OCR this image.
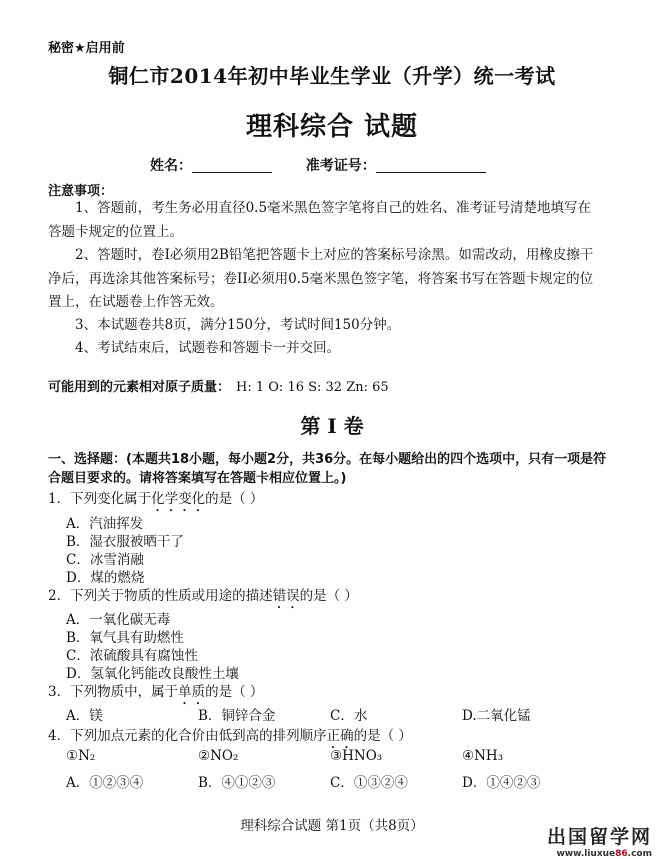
秘密★启用前
铜仁市2014年初中毕业生学业（升学）统一考试
理科综合 试题
姓名：	准考证号：
注意事项：
1、答题前，考生务必用直径0.5毫米黑色签字笔将自己的姓名、准考证号清楚地填写在答题卡规定的位置上。
2、答题时，卷I必须用2B铅笔把答题卡上对应的答案标号涂黑。如需改动，用橡皮擦干净后，再选涂其他答案标号；卷II必须用0.5毫米黑色签字笔，将答案书写在答题卡规定的位置上，在试题卷上作答无效。
3、本试题卷共8页，满分150分，考试时间150分钟。
4、考试结束后，试题卷和答题卡一并交回。
可能用到的元素相对原子质量： H: 1 O: 16 S: 32 Zn: 65
第 I 卷
一、选择题：(本题共18小题，每小题2分，共36分。在每小题给出的四个选项中，只有一项是符合题目要求的。请将答案填写在答题卡相应位置上。)
1．下列变化属于化学变化的是（ ）
A．汽油挥发
B．湿衣服被晒干了
C．冰雪消融
D．煤的燃烧
2．下列关于物质的性质或用途的描述错误的是（ ）
A．一氧化碳无毒
B．氧气具有助燃性
C．浓硫酸具有腐蚀性
D．氢氧化钙能改良酸性土壤
3．下列物质中，属于单质的是（ ）
A．镁	B．铜锌合金	C．水	D.二氧化锰
4．下列加点元素的化合价由低到高的排列顺序正确的是（ ）
①N₂	②NO₂	③HNO₃	④NH₃
A．①②③④	B．④①②③	C．①③②④	D．①④②③
理科综合试题 第1页（共8页）	出国留学网
www.liuxue86.com
